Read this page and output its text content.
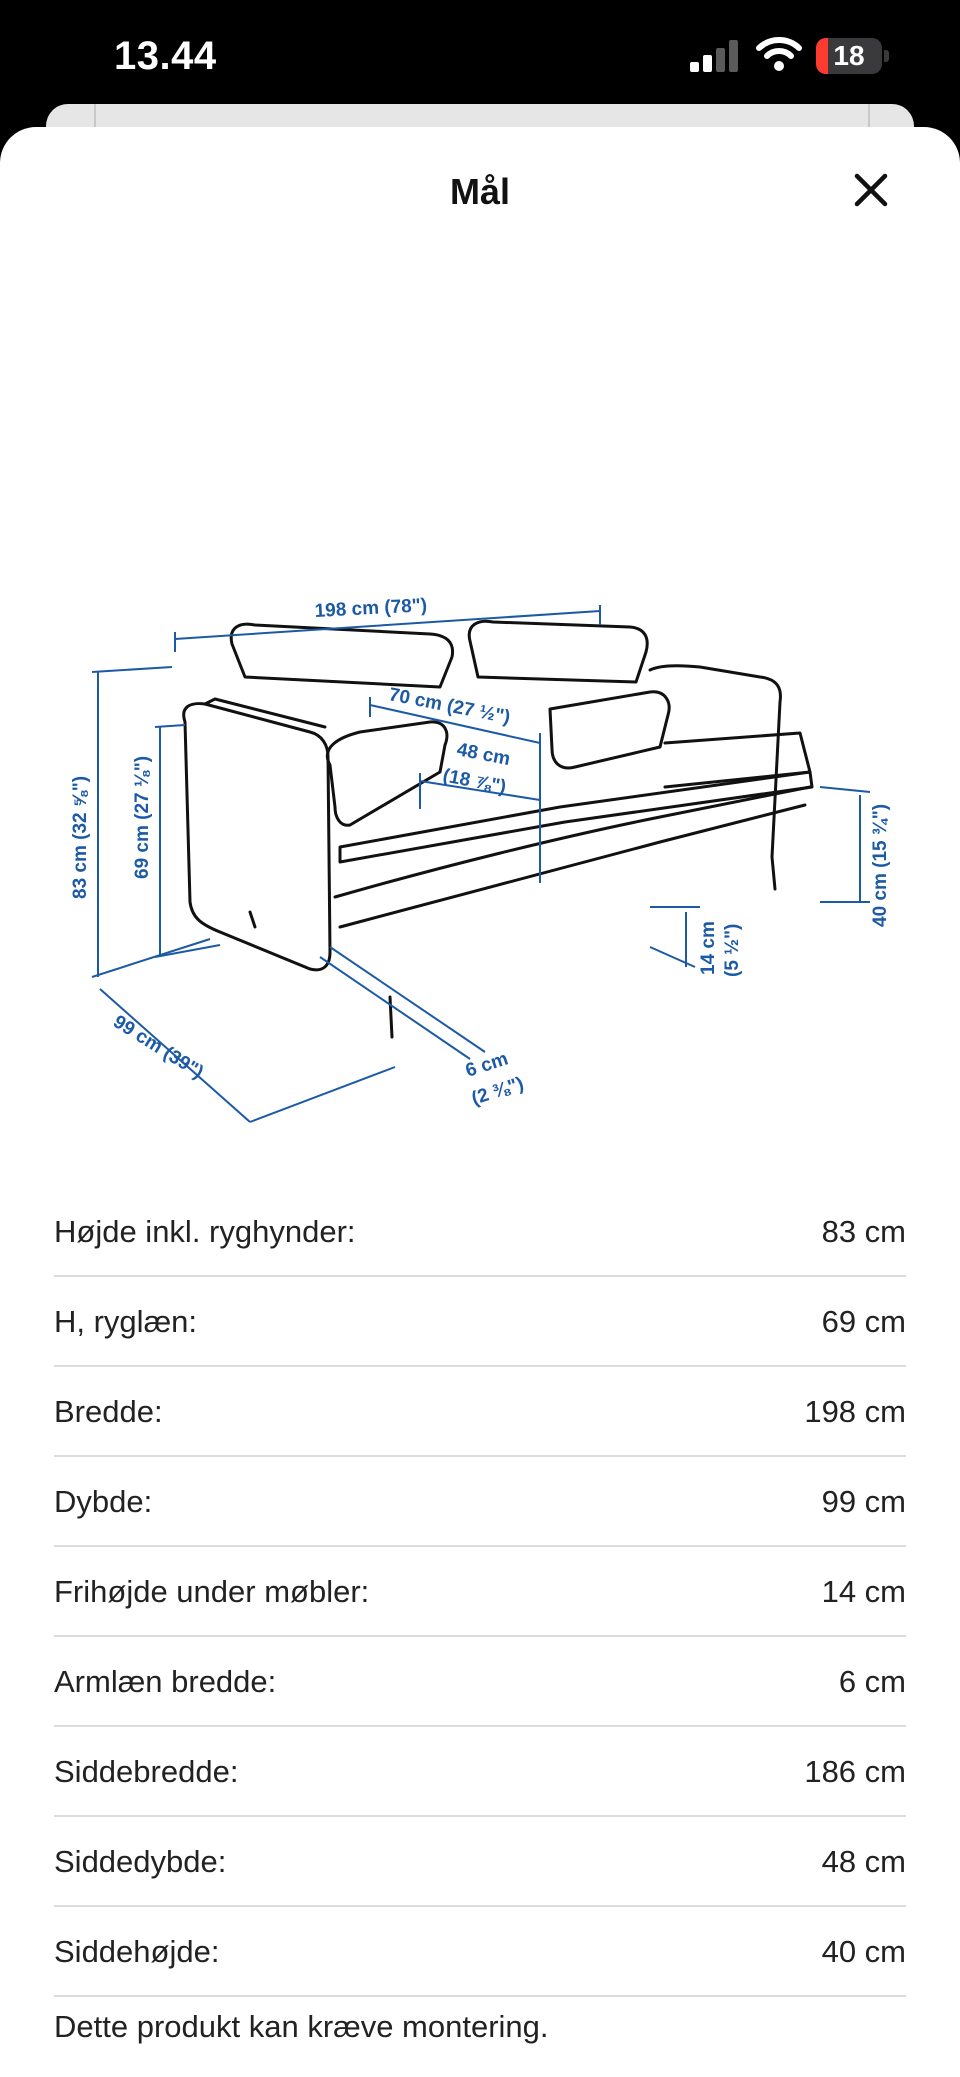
13.44	18
Mål
198 cm (78")
83 cm (32 ⅝") 69 cm (27 ⅛")
99 cm (39")
70 cm (27 ½")
48 cm
(18 ⅞")
6 cm
(2 ⅜")
14 cm (5 ½")
40 cm (15 ¾")
Højde inkl. ryghynder:	83 cm
H, ryglæn:	69 cm
Bredde:	198 cm
Dybde:	99 cm
Frihøjde under møbler:	14 cm
Armlæn bredde:	6 cm
Siddebredde:	186 cm
Siddedybde:	48 cm
Siddehøjde:	40 cm
Dette produkt kan kræve montering.
